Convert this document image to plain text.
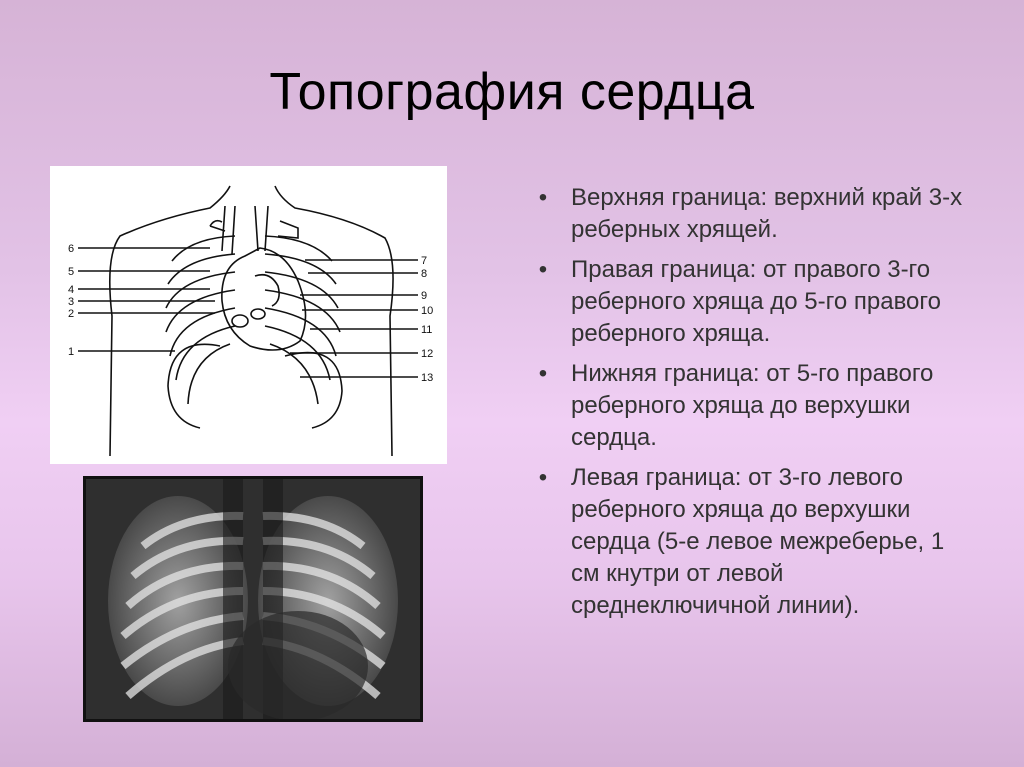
Топография сердца
6
5
4
3
2
1
7
8
9
10
11
12
13
• Верхняя граница: верхний край 3-х реберных хрящей.
• Правая граница: от правого 3-го реберного хряща до 5-го правого реберного хряща.
• Нижняя граница: от 5-го правого реберного хряща до верхушки сердца.
• Левая граница: от 3-го левого реберного хряща до верхушки сердца (5-е левое межреберье, 1 см кнутри от левой среднеключичной линии).
